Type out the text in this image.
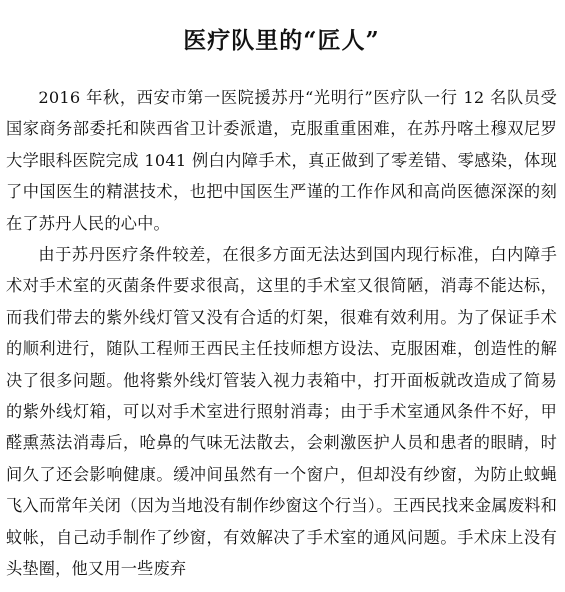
医疗队里的“匠人”

2016 年秋，西安市第一医院援苏丹“光明行”医疗队一行 12 名队员受国家商务部委托和陕西省卫计委派遣，克服重重困难，在苏丹喀土穆双尼罗大学眼科医院完成 1041 例白内障手术，真正做到了零差错、零感染，体现了中国医生的精湛技术，也把中国医生严谨的工作作风和高尚医德深深的刻在了苏丹人民的心中。

由于苏丹医疗条件较差，在很多方面无法达到国内现行标准，白内障手术对手术室的灭菌条件要求很高，这里的手术室又很简陋，消毒不能达标，而我们带去的紫外线灯管又没有合适的灯架，很难有效利用。为了保证手术的顺利进行，随队工程师王西民主任技师想方设法、克服困难，创造性的解决了很多问题。他将紫外线灯管装入视力表箱中，打开面板就改造成了简易的紫外线灯箱，可以对手术室进行照射消毒；由于手术室通风条件不好，甲醛熏蒸法消毒后，呛鼻的气味无法散去，会刺激医护人员和患者的眼睛，时间久了还会影响健康。缓冲间虽然有一个窗户，但却没有纱窗，为防止蚊蝇飞入而常年关闭（因为当地没有制作纱窗这个行当）。王西民找来金属废料和蚊帐，自己动手制作了纱窗，有效解决了手术室的通风问题。手术床上没有头垫圈，他又用一些废弃
